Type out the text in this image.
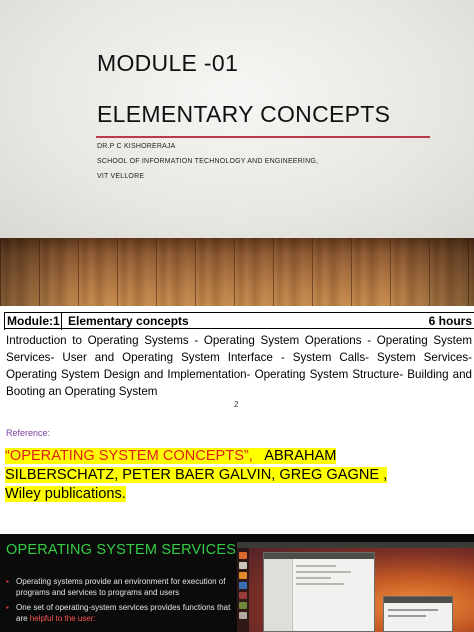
MODULE -01
ELEMENTARY CONCEPTS
DR.P C KISHORERAJA
SCHOOL OF INFORMATION TECHNOLOGY AND ENGINEERING,
VIT VELLORE
Module:1 Elementary concepts	6 hours
Introduction to Operating Systems - Operating System Operations - Operating System Services- User and Operating System Interface - System Calls- System Services- Operating System Design and Implementation- Operating System Structure- Building and Booting an Operating System
2
Reference:
“OPERATING SYSTEM CONCEPTS”, ABRAHAM SILBERSCHATZ, PETER BAER GALVIN, GREG GAGNE , Wiley publications.
OPERATING SYSTEM SERVICES
▪ Operating systems provide an environment for execution of programs and services to programs and users
▪ One set of operating-system services provides functions that are helpful to the user:
